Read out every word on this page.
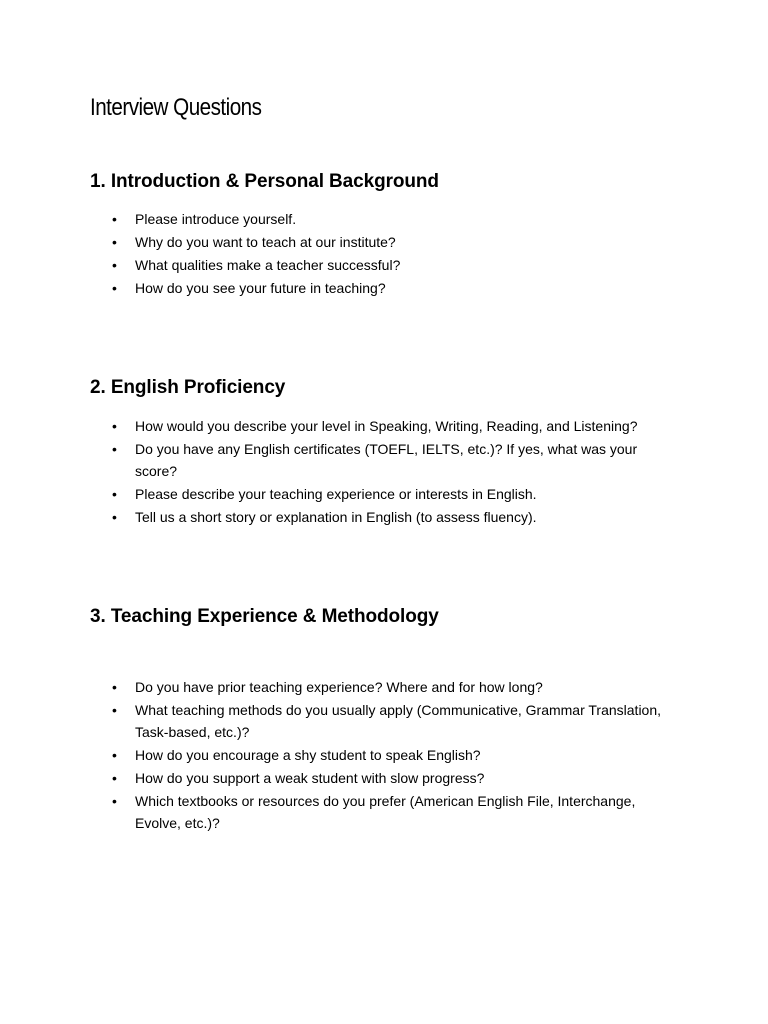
Interview Questions
1. Introduction & Personal Background
•	Please introduce yourself.
•	Why do you want to teach at our institute?
•	What qualities make a teacher successful?
•	How do you see your future in teaching?
2. English Proficiency
•	How would you describe your level in Speaking, Writing, Reading, and Listening?
•	Do you have any English certificates (TOEFL, IELTS, etc.)? If yes, what was your score?
•	Please describe your teaching experience or interests in English.
•	Tell us a short story or explanation in English (to assess fluency).
3. Teaching Experience & Methodology
•	Do you have prior teaching experience? Where and for how long?
•	What teaching methods do you usually apply (Communicative, Grammar Translation, Task-based, etc.)?
•	How do you encourage a shy student to speak English?
•	How do you support a weak student with slow progress?
•	Which textbooks or resources do you prefer (American English File, Interchange, Evolve, etc.)?
